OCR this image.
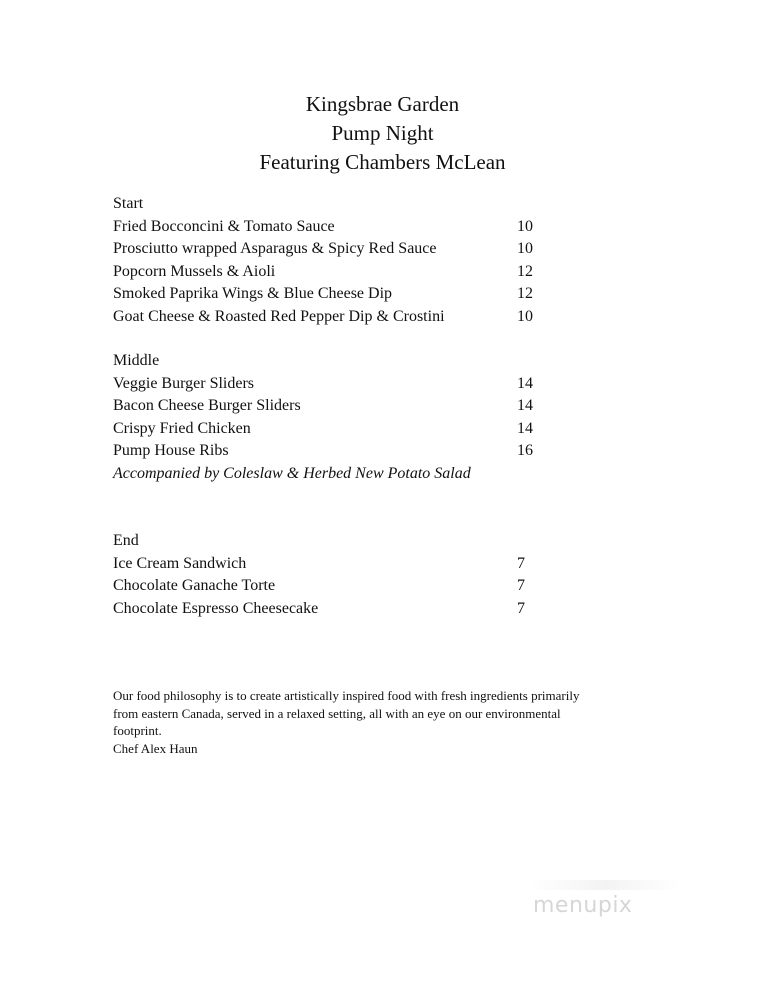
Kingsbrae Garden
Pump Night
Featuring Chambers McLean
Start
Fried Bocconcini & Tomato Sauce	10
Prosciutto wrapped Asparagus & Spicy Red Sauce	10
Popcorn Mussels & Aioli	12
Smoked Paprika Wings & Blue Cheese Dip	12
Goat Cheese & Roasted Red Pepper Dip & Crostini	10
Middle
Veggie Burger Sliders	14
Bacon Cheese Burger Sliders	14
Crispy Fried Chicken	14
Pump House Ribs	16
Accompanied by Coleslaw & Herbed New Potato Salad
End
Ice Cream Sandwich	7
Chocolate Ganache Torte	7
Chocolate Espresso Cheesecake	7
Our food philosophy is to create artistically inspired food with fresh ingredients primarily
from eastern Canada, served in a relaxed setting, all with an eye on our environmental
footprint.
Chef Alex Haun
menupix
